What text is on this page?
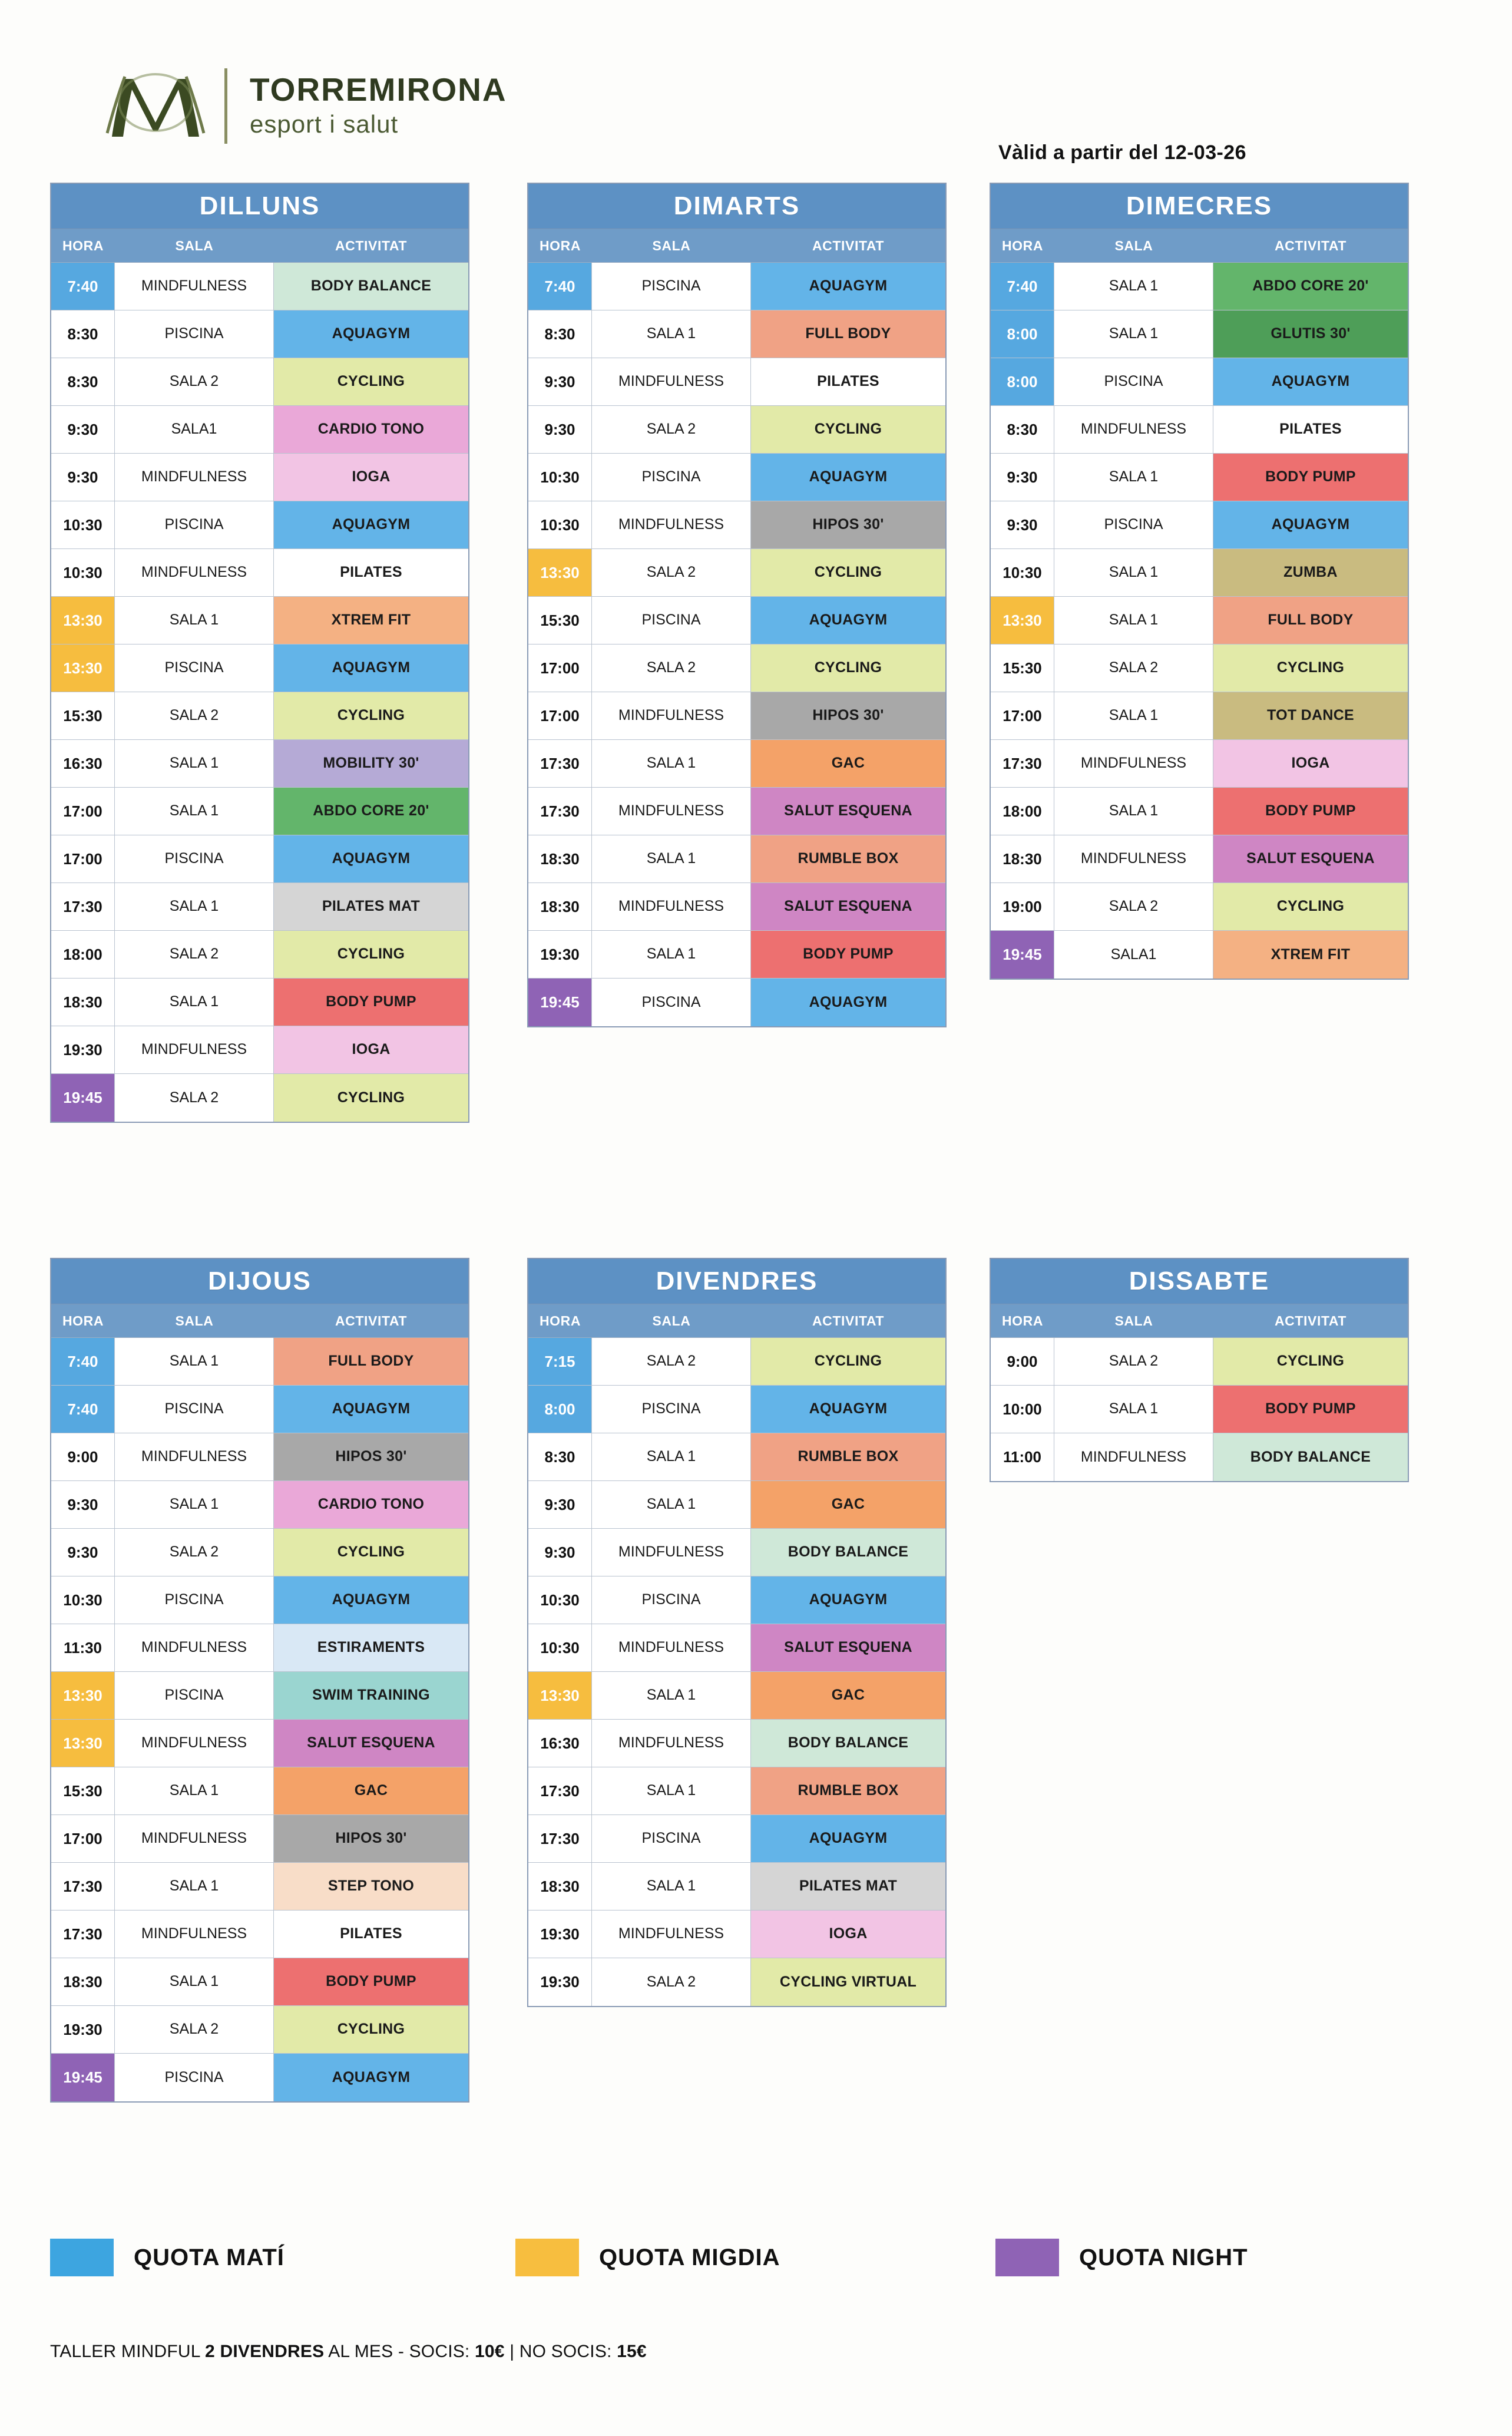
TORREMIRONA
esport i salut
Vàlid a partir del 12-03-26
DILLUNS
HORA	SALA	ACTIVITAT
7:40	MINDFULNESS	BODY BALANCE
8:30	PISCINA	AQUAGYM
8:30	SALA 2	CYCLING
9:30	SALA1	CARDIO TONO
9:30	MINDFULNESS	IOGA
10:30	PISCINA	AQUAGYM
10:30	MINDFULNESS	PILATES
13:30	SALA 1	XTREM FIT
13:30	PISCINA	AQUAGYM
15:30	SALA 2	CYCLING
16:30	SALA 1	MOBILITY 30'
17:00	SALA 1	ABDO CORE 20'
17:00	PISCINA	AQUAGYM
17:30	SALA 1	PILATES MAT
18:00	SALA 2	CYCLING
18:30	SALA 1	BODY PUMP
19:30	MINDFULNESS	IOGA
19:45	SALA 2	CYCLING
DIMARTS
HORA	SALA	ACTIVITAT
7:40	PISCINA	AQUAGYM
8:30	SALA 1	FULL BODY
9:30	MINDFULNESS	PILATES
9:30	SALA 2	CYCLING
10:30	PISCINA	AQUAGYM
10:30	MINDFULNESS	HIPOS 30'
13:30	SALA 2	CYCLING
15:30	PISCINA	AQUAGYM
17:00	SALA 2	CYCLING
17:00	MINDFULNESS	HIPOS 30'
17:30	SALA 1	GAC
17:30	MINDFULNESS	SALUT ESQUENA
18:30	SALA 1	RUMBLE BOX
18:30	MINDFULNESS	SALUT ESQUENA
19:30	SALA 1	BODY PUMP
19:45	PISCINA	AQUAGYM
DIMECRES
HORA	SALA	ACTIVITAT
7:40	SALA 1	ABDO CORE 20'
8:00	SALA 1	GLUTIS 30'
8:00	PISCINA	AQUAGYM
8:30	MINDFULNESS	PILATES
9:30	SALA 1	BODY PUMP
9:30	PISCINA	AQUAGYM
10:30	SALA 1	ZUMBA
13:30	SALA 1	FULL BODY
15:30	SALA 2	CYCLING
17:00	SALA 1	TOT DANCE
17:30	MINDFULNESS	IOGA
18:00	SALA 1	BODY PUMP
18:30	MINDFULNESS	SALUT ESQUENA
19:00	SALA 2	CYCLING
19:45	SALA1	XTREM FIT
DIJOUS
HORA	SALA	ACTIVITAT
7:40	SALA 1	FULL BODY
7:40	PISCINA	AQUAGYM
9:00	MINDFULNESS	HIPOS 30'
9:30	SALA 1	CARDIO TONO
9:30	SALA 2	CYCLING
10:30	PISCINA	AQUAGYM
11:30	MINDFULNESS	ESTIRAMENTS
13:30	PISCINA	SWIM TRAINING
13:30	MINDFULNESS	SALUT ESQUENA
15:30	SALA 1	GAC
17:00	MINDFULNESS	HIPOS 30'
17:30	SALA 1	STEP TONO
17:30	MINDFULNESS	PILATES
18:30	SALA 1	BODY PUMP
19:30	SALA 2	CYCLING
19:45	PISCINA	AQUAGYM
DIVENDRES
HORA	SALA	ACTIVITAT
7:15	SALA 2	CYCLING
8:00	PISCINA	AQUAGYM
8:30	SALA 1	RUMBLE BOX
9:30	SALA 1	GAC
9:30	MINDFULNESS	BODY BALANCE
10:30	PISCINA	AQUAGYM
10:30	MINDFULNESS	SALUT ESQUENA
13:30	SALA 1	GAC
16:30	MINDFULNESS	BODY BALANCE
17:30	SALA 1	RUMBLE BOX
17:30	PISCINA	AQUAGYM
18:30	SALA 1	PILATES MAT
19:30	MINDFULNESS	IOGA
19:30	SALA 2	CYCLING VIRTUAL
DISSABTE
HORA	SALA	ACTIVITAT
9:00	SALA 2	CYCLING
10:00	SALA 1	BODY PUMP
11:00	MINDFULNESS	BODY BALANCE
QUOTA MATÍ	QUOTA MIGDIA	QUOTA NIGHT
TALLER MINDFUL 2 DIVENDRES AL MES - SOCIS: 10€ | NO SOCIS: 15€
